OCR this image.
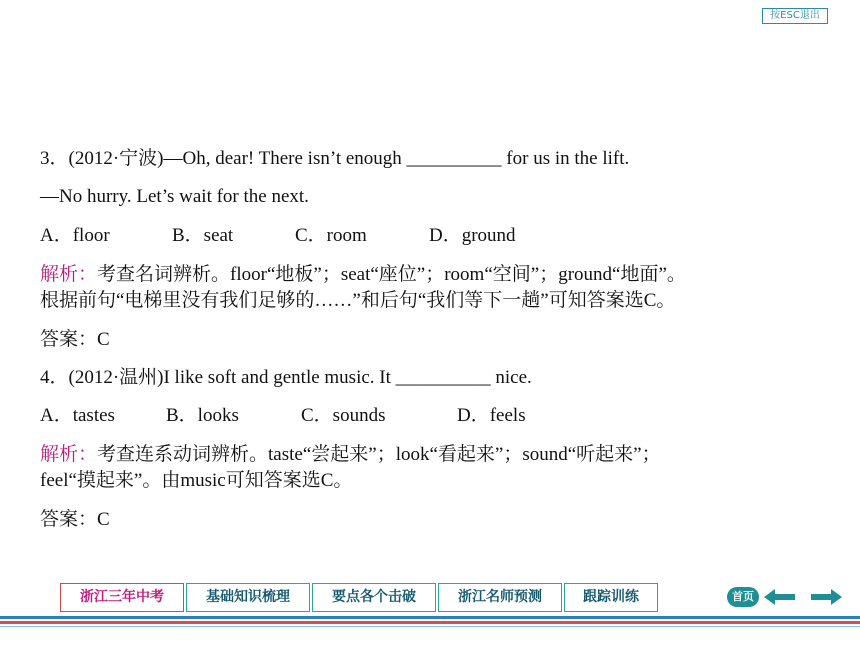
按ESC退出
3．(2012·宁波)—Oh, dear! There isn’t enough __________ for us in the lift.
—No hurry. Let’s wait for the next.
A．floor	B．seat	C．room	D．ground
解析：考查名词辨析。floor“地板”；seat“座位”；room“空间”；ground“地面”。
根据前句“电梯里没有我们足够的……”和后句“我们等下一趟”可知答案选C。
答案：C
4．(2012·温州)I like soft and gentle music. It __________ nice.
A．tastes	B．looks	C．sounds	D．feels
解析：考查连系动词辨析。taste“尝起来”；look“看起来”；sound“听起来”；
feel“摸起来”。由music可知答案选C。
答案：C
浙江三年中考	基础知识梳理	要点各个击破	浙江名师预测	跟踪训练	首页
